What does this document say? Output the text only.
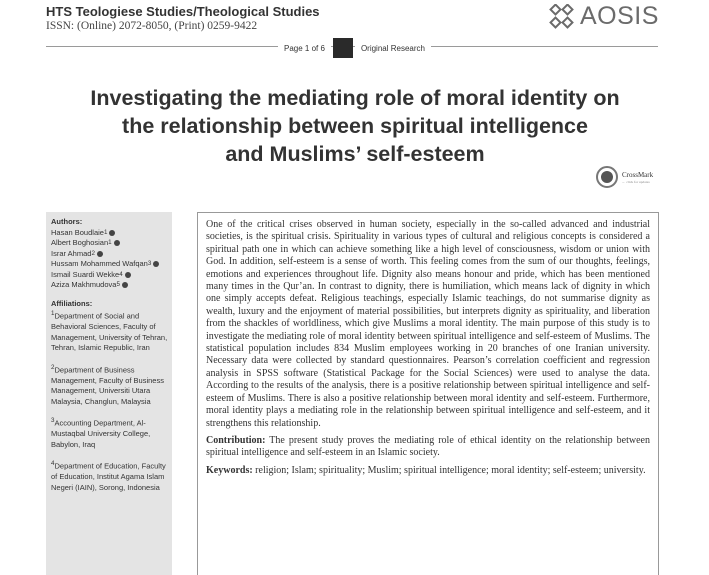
HTS Teologiese Studies/Theological Studies
ISSN: (Online) 2072-8050, (Print) 0259-9422	AOSIS
Page 1 of 6	Original Research
Investigating the mediating role of moral identity on
the relationship between spiritual intelligence
and Muslims’ self-esteem
CrossMark
← click for updates
Authors:
Hasan Boudlaie 1
Albert Boghosian 1
Israr Ahmad 2
Hussam Mohammed Wafqan 3
Ismail Suardi Wekke 4
Aziza Makhmudova 5
Affiliations:
$^1$Department of Social and Behavioral Sciences, Faculty of Management, University of Tehran, Tehran, Islamic Republic, Iran
$^2$Department of Business Management, Faculty of Business Management, Universiti Utara Malaysia, Changlun, Malaysia
$^3$Accounting Department, Al-Mustaqbal University College, Babylon, Iraq
$^4$Department of Education, Faculty of Education, Institut Agama Islam Negeri (IAIN), Sorong, Indonesia

One of the critical crises observed in human society, especially in the so-called advanced and industrial societies, is the spiritual crisis. Spirituality in various types of cultural and religious concepts is considered a spiritual path one in which can achieve something like a high level of consciousness, wisdom or union with God. In addition, self-esteem is a sense of worth. This feeling comes from the sum of our thoughts, feelings, emotions and experiences throughout life. Dignity also means honour and pride, which has been mentioned many times in the Qur’an. In contrast to dignity, there is humiliation, which means lack of dignity in which one simply accepts defeat. Religious teachings, especially Islamic teachings, do not summarise dignity as wealth, luxury and the enjoyment of material possibilities, but interprets dignity as spirituality, and liberation from the shackles of worldliness, which give Muslims a moral identity. The main purpose of this study is to investigate the mediating role of moral identity between spiritual intelligence and self-esteem of Muslims. The statistical population includes 834 Muslim employees working in 20 branches of one Iranian university. Necessary data were collected by standard questionnaires. Pearson’s correlation coefficient and regression analysis in SPSS software (Statistical Package for the Social Sciences) were used to analyse the data. According to the results of the analysis, there is a positive relationship between spiritual intelligence and self-esteem of Muslims. There is also a positive relationship between moral identity and self-esteem. Furthermore, moral identity plays a mediating role in the relationship between spiritual intelligence and self-esteem, and it strengthens this relationship.

Contribution: The present study proves the mediating role of ethical identity on the relationship between spiritual intelligence and self-esteem in an Islamic society.

Keywords: religion; Islam; spirituality; Muslim; spiritual intelligence; moral identity; self-esteem; university.
